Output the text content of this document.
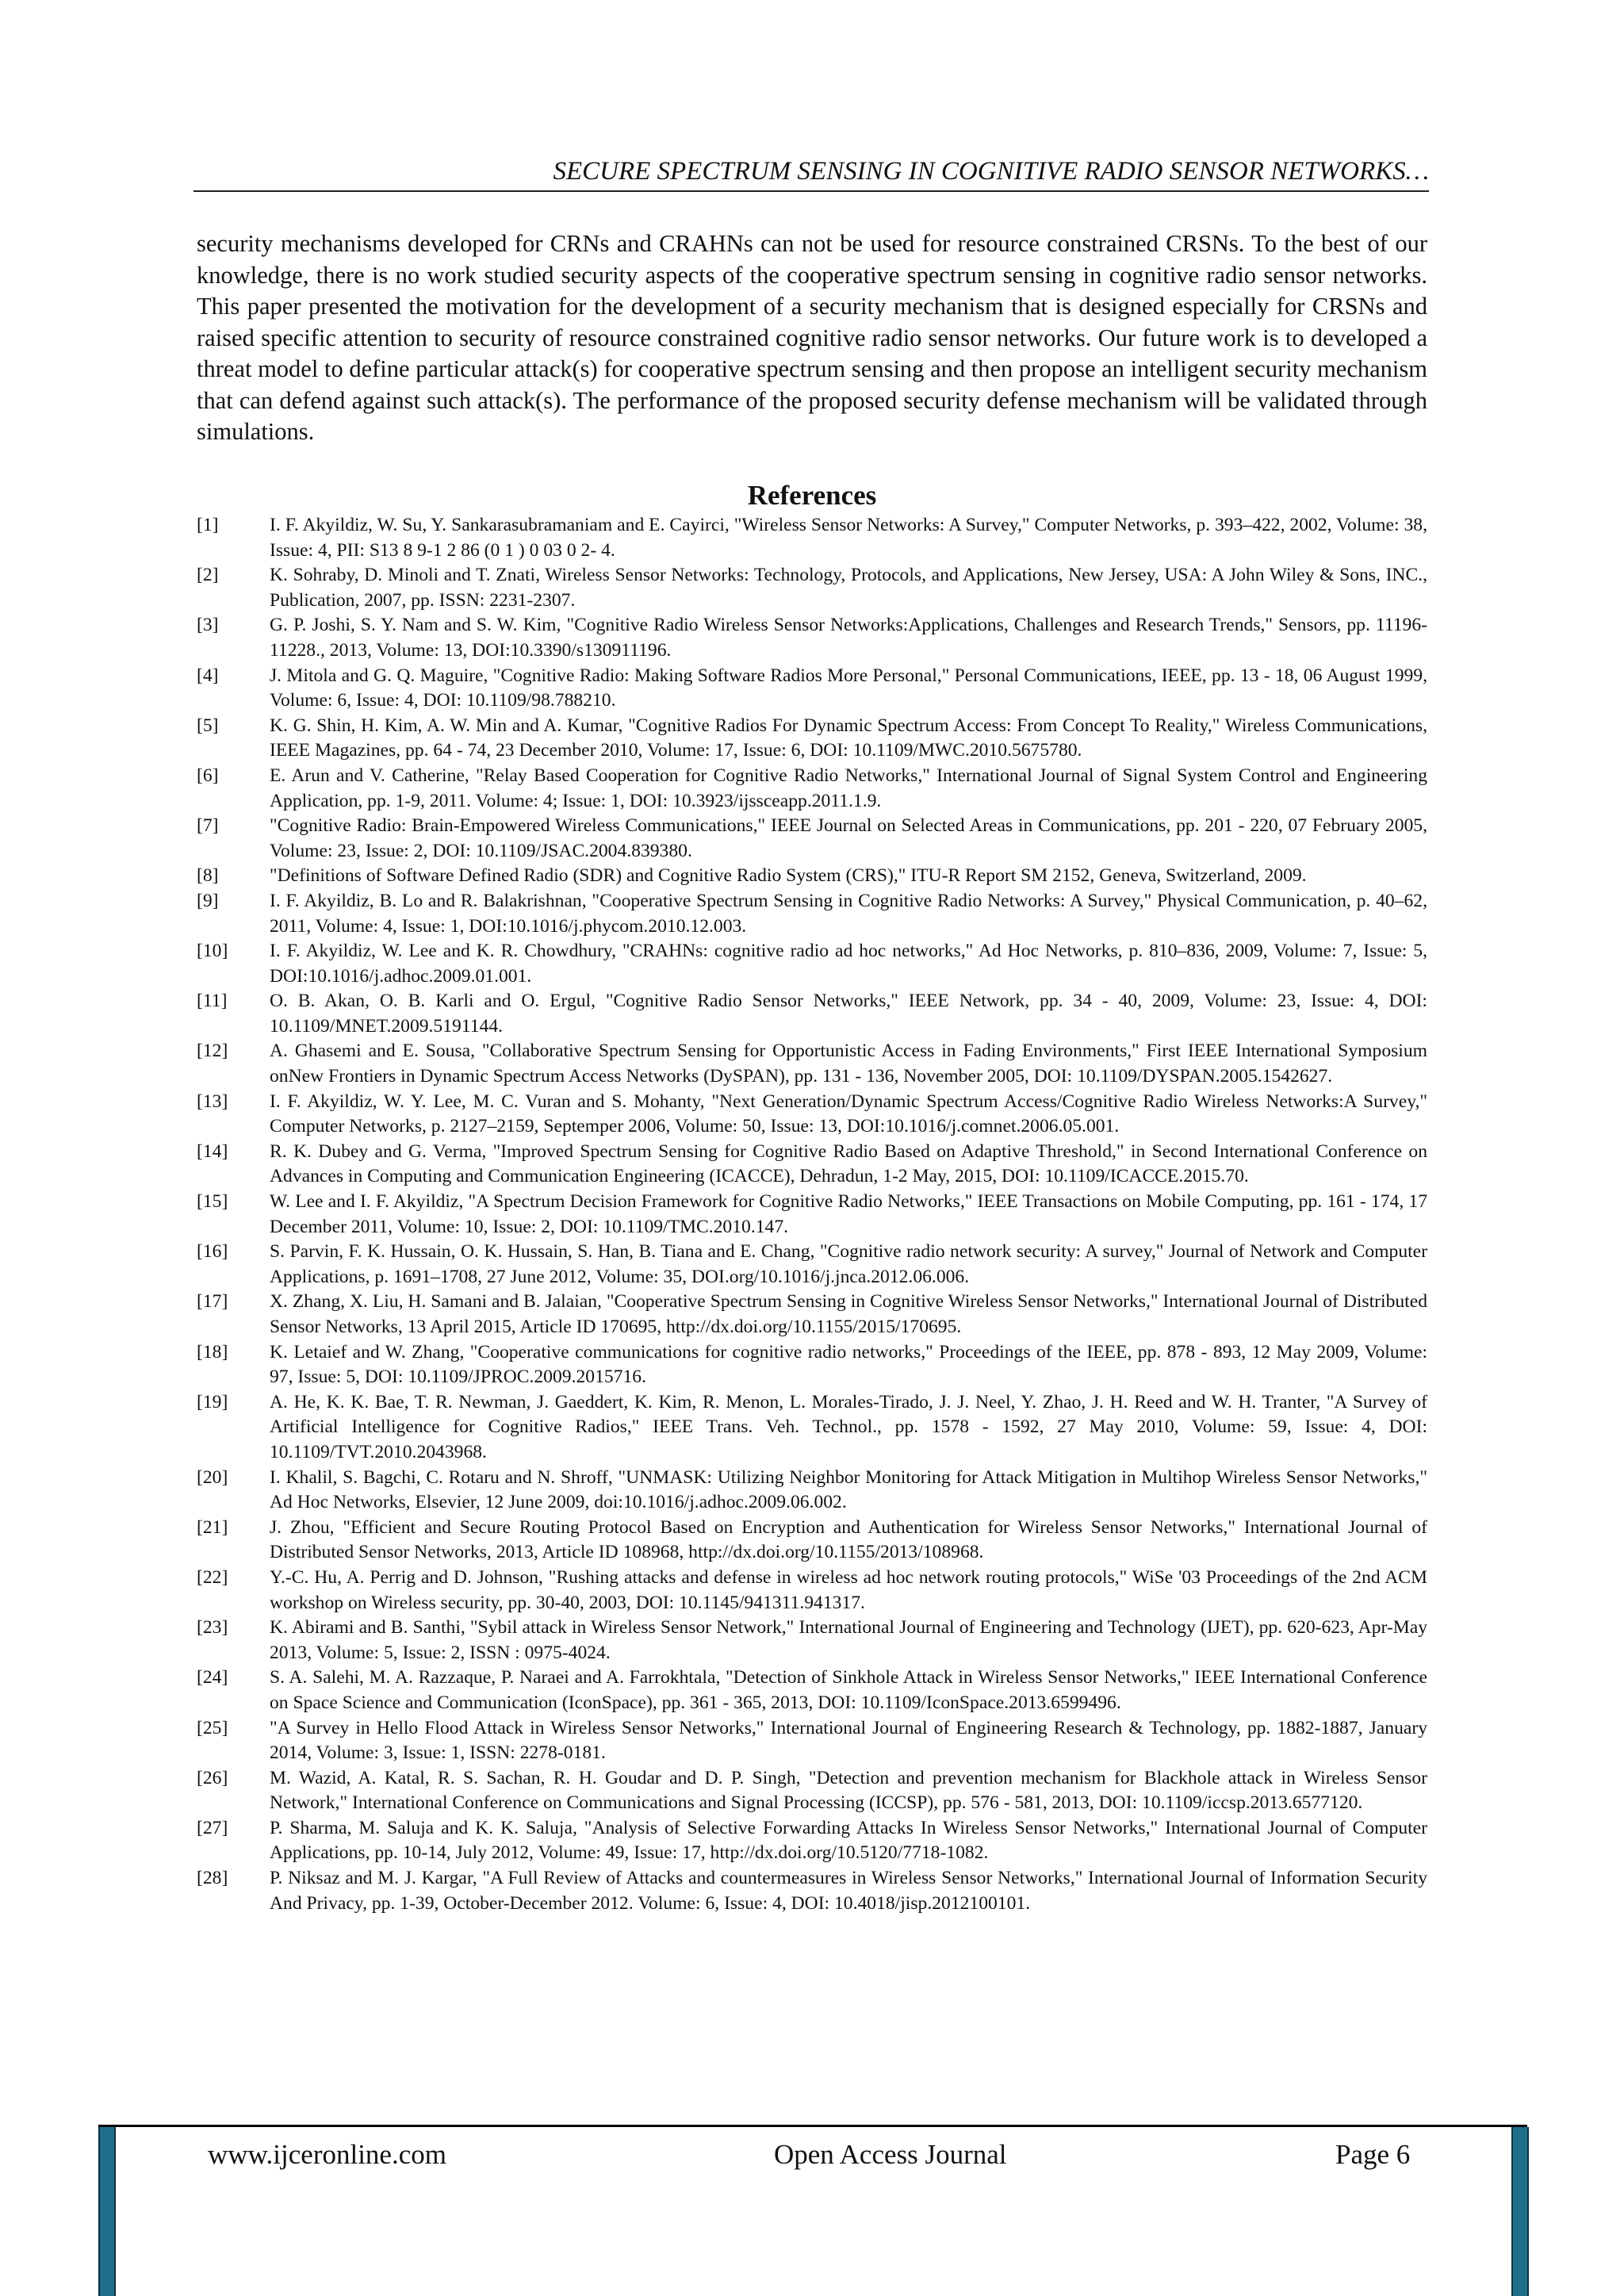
SECURE SPECTRUM SENSING IN COGNITIVE RADIO SENSOR NETWORKS…

security mechanisms developed for CRNs and CRAHNs can not be used for resource constrained CRSNs. To the best of our knowledge, there is no work studied security aspects of the cooperative spectrum sensing in cognitive radio sensor networks. This paper presented the motivation for the development of a security mechanism that is designed especially for CRSNs and raised specific attention to security of resource constrained cognitive radio sensor networks. Our future work is to developed a threat model to define particular attack(s) for cooperative spectrum sensing and then propose an intelligent security mechanism that can defend against such attack(s). The performance of the proposed security defense mechanism will be validated through simulations.

References
[1]	I. F. Akyildiz, W. Su, Y. Sankarasubramaniam and E. Cayirci, "Wireless Sensor Networks: A Survey," Computer Networks, p. 393–422, 2002, Volume: 38, Issue: 4, PII: S13 8 9-1 2 86 (0 1 ) 0 03 0 2- 4.
[2]	K. Sohraby, D. Minoli and T. Znati, Wireless Sensor Networks: Technology, Protocols, and Applications, New Jersey, USA: A John Wiley & Sons, INC., Publication, 2007, pp. ISSN: 2231-2307.
[3]	G. P. Joshi, S. Y. Nam and S. W. Kim, "Cognitive Radio Wireless Sensor Networks:Applications, Challenges and Research Trends," Sensors, pp. 11196-11228., 2013, Volume: 13, DOI:10.3390/s130911196.
[4]	J. Mitola and G. Q. Maguire, "Cognitive Radio: Making Software Radios More Personal," Personal Communications, IEEE, pp. 13 - 18, 06 August 1999, Volume: 6, Issue: 4, DOI: 10.1109/98.788210.
[5]	K. G. Shin, H. Kim, A. W. Min and A. Kumar, "Cognitive Radios For Dynamic Spectrum Access: From Concept To Reality," Wireless Communications, IEEE Magazines, pp. 64 - 74, 23 December 2010, Volume: 17, Issue: 6, DOI: 10.1109/MWC.2010.5675780.
[6]	E. Arun and V. Catherine, "Relay Based Cooperation for Cognitive Radio Networks," International Journal of Signal System Control and Engineering Application, pp. 1-9, 2011. Volume: 4; Issue: 1, DOI: 10.3923/ijssceapp.2011.1.9.
[7]	"Cognitive Radio: Brain-Empowered Wireless Communications," IEEE Journal on Selected Areas in Communications, pp. 201 - 220, 07 February 2005, Volume: 23, Issue: 2, DOI: 10.1109/JSAC.2004.839380.
[8]	"Definitions of Software Defined Radio (SDR) and Cognitive Radio System (CRS)," ITU-R Report SM 2152, Geneva, Switzerland, 2009.
[9]	I. F. Akyildiz, B. Lo and R. Balakrishnan, "Cooperative Spectrum Sensing in Cognitive Radio Networks: A Survey," Physical Communication, p. 40–62, 2011, Volume: 4, Issue: 1, DOI:10.1016/j.phycom.2010.12.003.
[10] I. F. Akyildiz, W. Lee and K. R. Chowdhury, "CRAHNs: cognitive radio ad hoc networks," Ad Hoc Networks, p. 810–836, 2009, Volume: 7, Issue: 5, DOI:10.1016/j.adhoc.2009.01.001.
[11] O. B. Akan, O. B. Karli and O. Ergul, "Cognitive Radio Sensor Networks," IEEE Network, pp. 34 - 40, 2009, Volume: 23, Issue: 4, DOI: 10.1109/MNET.2009.5191144.
[12] A. Ghasemi and E. Sousa, "Collaborative Spectrum Sensing for Opportunistic Access in Fading Environments," First IEEE International Symposium onNew Frontiers in Dynamic Spectrum Access Networks (DySPAN), pp. 131 - 136, November 2005, DOI: 10.1109/DYSPAN.2005.1542627.
[13] I. F. Akyildiz, W. Y. Lee, M. C. Vuran and S. Mohanty, "Next Generation/Dynamic Spectrum Access/Cognitive Radio Wireless Networks:A Survey," Computer Networks, p. 2127–2159, Septemper 2006, Volume: 50, Issue: 13, DOI:10.1016/j.comnet.2006.05.001.
[14] R. K. Dubey and G. Verma, "Improved Spectrum Sensing for Cognitive Radio Based on Adaptive Threshold," in Second International Conference on Advances in Computing and Communication Engineering (ICACCE), Dehradun, 1-2 May, 2015, DOI: 10.1109/ICACCE.2015.70.
[15] W. Lee and I. F. Akyildiz, "A Spectrum Decision Framework for Cognitive Radio Networks," IEEE Transactions on Mobile Computing, pp. 161 - 174, 17 December 2011, Volume: 10, Issue: 2, DOI: 10.1109/TMC.2010.147.
[16] S. Parvin, F. K. Hussain, O. K. Hussain, S. Han, B. Tiana and E. Chang, "Cognitive radio network security: A survey," Journal of Network and Computer Applications, p. 1691–1708, 27 June 2012, Volume: 35, DOI.org/10.1016/j.jnca.2012.06.006.
[17] X. Zhang, X. Liu, H. Samani and B. Jalaian, "Cooperative Spectrum Sensing in Cognitive Wireless Sensor Networks," International Journal of Distributed Sensor Networks, 13 April 2015, Article ID 170695, http://dx.doi.org/10.1155/2015/170695.
[18] K. Letaief and W. Zhang, "Cooperative communications for cognitive radio networks," Proceedings of the IEEE, pp. 878 - 893, 12 May 2009, Volume: 97, Issue: 5, DOI: 10.1109/JPROC.2009.2015716.
[19] A. He, K. K. Bae, T. R. Newman, J. Gaeddert, K. Kim, R. Menon, L. Morales-Tirado, J. J. Neel, Y. Zhao, J. H. Reed and W. H. Tranter, "A Survey of Artificial Intelligence for Cognitive Radios," IEEE Trans. Veh. Technol., pp. 1578 - 1592, 27 May 2010, Volume: 59, Issue: 4, DOI: 10.1109/TVT.2010.2043968.
[20] I. Khalil, S. Bagchi, C. Rotaru and N. Shroff, "UNMASK: Utilizing Neighbor Monitoring for Attack Mitigation in Multihop Wireless Sensor Networks," Ad Hoc Networks, Elsevier, 12 June 2009, doi:10.1016/j.adhoc.2009.06.002.
[21] J. Zhou, "Efficient and Secure Routing Protocol Based on Encryption and Authentication for Wireless Sensor Networks," International Journal of Distributed Sensor Networks, 2013, Article ID 108968, http://dx.doi.org/10.1155/2013/108968.
[22] Y.-C. Hu, A. Perrig and D. Johnson, "Rushing attacks and defense in wireless ad hoc network routing protocols," WiSe '03 Proceedings of the 2nd ACM workshop on Wireless security, pp. 30-40, 2003, DOI: 10.1145/941311.941317.
[23] K. Abirami and B. Santhi, "Sybil attack in Wireless Sensor Network," International Journal of Engineering and Technology (IJET), pp. 620-623, Apr-May 2013, Volume: 5, Issue: 2, ISSN : 0975-4024.
[24] S. A. Salehi, M. A. Razzaque, P. Naraei and A. Farrokhtala, "Detection of Sinkhole Attack in Wireless Sensor Networks," IEEE International Conference on Space Science and Communication (IconSpace), pp. 361 - 365, 2013, DOI: 10.1109/IconSpace.2013.6599496.
[25] "A Survey in Hello Flood Attack in Wireless Sensor Networks," International Journal of Engineering Research & Technology, pp. 1882-1887, January 2014, Volume: 3, Issue: 1, ISSN: 2278-0181.
[26] M. Wazid, A. Katal, R. S. Sachan, R. H. Goudar and D. P. Singh, "Detection and prevention mechanism for Blackhole attack in Wireless Sensor Network," International Conference on Communications and Signal Processing (ICCSP), pp. 576 - 581, 2013, DOI: 10.1109/iccsp.2013.6577120.
[27] P. Sharma, M. Saluja and K. K. Saluja, "Analysis of Selective Forwarding Attacks In Wireless Sensor Networks," International Journal of Computer Applications, pp. 10-14, July 2012, Volume: 49, Issue: 17, http://dx.doi.org/10.5120/7718-1082.
[28] P. Niksaz and M. J. Kargar, "A Full Review of Attacks and countermeasures in Wireless Sensor Networks," International Journal of Information Security And Privacy, pp. 1-39, October-December 2012. Volume: 6, Issue: 4, DOI: 10.4018/jisp.2012100101.
www.ijceronline.com	Open Access Journal	Page 6
